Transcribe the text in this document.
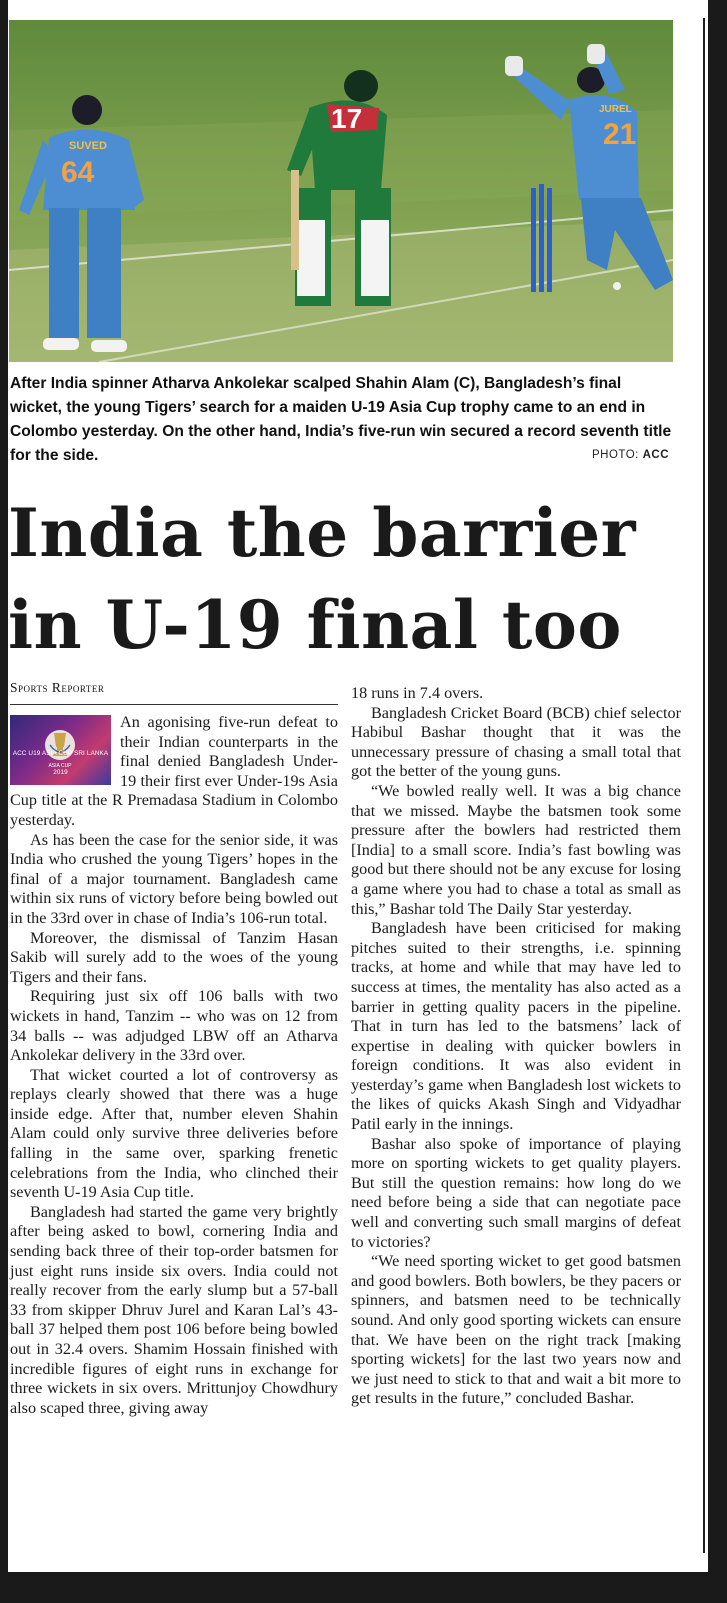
SUVED
64
17	JUREL
21
After India spinner Atharva Ankolekar scalped Shahin Alam (C), Bangladesh’s final wicket, the young Tigers’ search for a maiden U-19 Asia Cup trophy came to an end in Colombo yesterday. On the other hand, India’s five-run win secured a record seventh title for the side.	PHOTO: ACC
India the barrier
in U-19 final too
Sports Reporter
ASIA CUP
ACC U19 ASIA CUP SRI LANKA 2019

An agonising five-run defeat to their Indian counterparts in the final denied Bangladesh Under-19 their first ever Under-19s Asia Cup title at the R Premadasa Stadium in Colombo yesterday.

As has been the case for the senior side, it was India who crushed the young Tigers’ hopes in the final of a major tournament. Bangladesh came within six runs of victory before being bowled out in the 33rd over in chase of India’s 106-run total.

Moreover, the dismissal of Tanzim Hasan Sakib will surely add to the woes of the young Tigers and their fans.

Requiring just six off 106 balls with two wickets in hand, Tanzim -- who was on 12 from 34 balls -- was adjudged LBW off an Atharva Ankolekar delivery in the 33rd over.

That wicket courted a lot of controversy as replays clearly showed that there was a huge inside edge. After that, number eleven Shahin Alam could only survive three deliveries before falling in the same over, sparking frenetic celebrations from the India, who clinched their seventh U-19 Asia Cup title.

Bangladesh had started the game very brightly after being asked to bowl, cornering India and sending back three of their top-order batsmen for just eight runs inside six overs. India could not really recover from the early slump but a 57-ball 33 from skipper Dhruv Jurel and Karan Lal’s 43-ball 37 helped them post 106 before being bowled out in 32.4 overs. Shamim Hossain finished with incredible figures of eight runs in exchange for three wickets in six overs. Mrittunjoy Chowdhury also scaped three, giving away

18 runs in 7.4 overs.

Bangladesh Cricket Board (BCB) chief selector Habibul Bashar thought that it was the unnecessary pressure of chasing a small total that got the better of the young guns.

“We bowled really well. It was a big chance that we missed. Maybe the batsmen took some pressure after the bowlers had restricted them [India] to a small score. India’s fast bowling was good but there should not be any excuse for losing a game where you had to chase a total as small as this,” Bashar told The Daily Star yesterday.

Bangladesh have been criticised for making pitches suited to their strengths, i.e. spinning tracks, at home and while that may have led to success at times, the mentality has also acted as a barrier in getting quality pacers in the pipeline. That in turn has led to the batsmens’ lack of expertise in dealing with quicker bowlers in foreign conditions. It was also evident in yesterday’s game when Bangladesh lost wickets to the likes of quicks Akash Singh and Vidyadhar Patil early in the innings.

Bashar also spoke of importance of playing more on sporting wickets to get quality players. But still the question remains: how long do we need before being a side that can negotiate pace well and converting such small margins of defeat to victories?

“We need sporting wicket to get good batsmen and good bowlers. Both bowlers, be they pacers or spinners, and batsmen need to be technically sound. And only good sporting wickets can ensure that. We have been on the right track [making sporting wickets] for the last two years now and we just need to stick to that and wait a bit more to get results in the future,” concluded Bashar.
